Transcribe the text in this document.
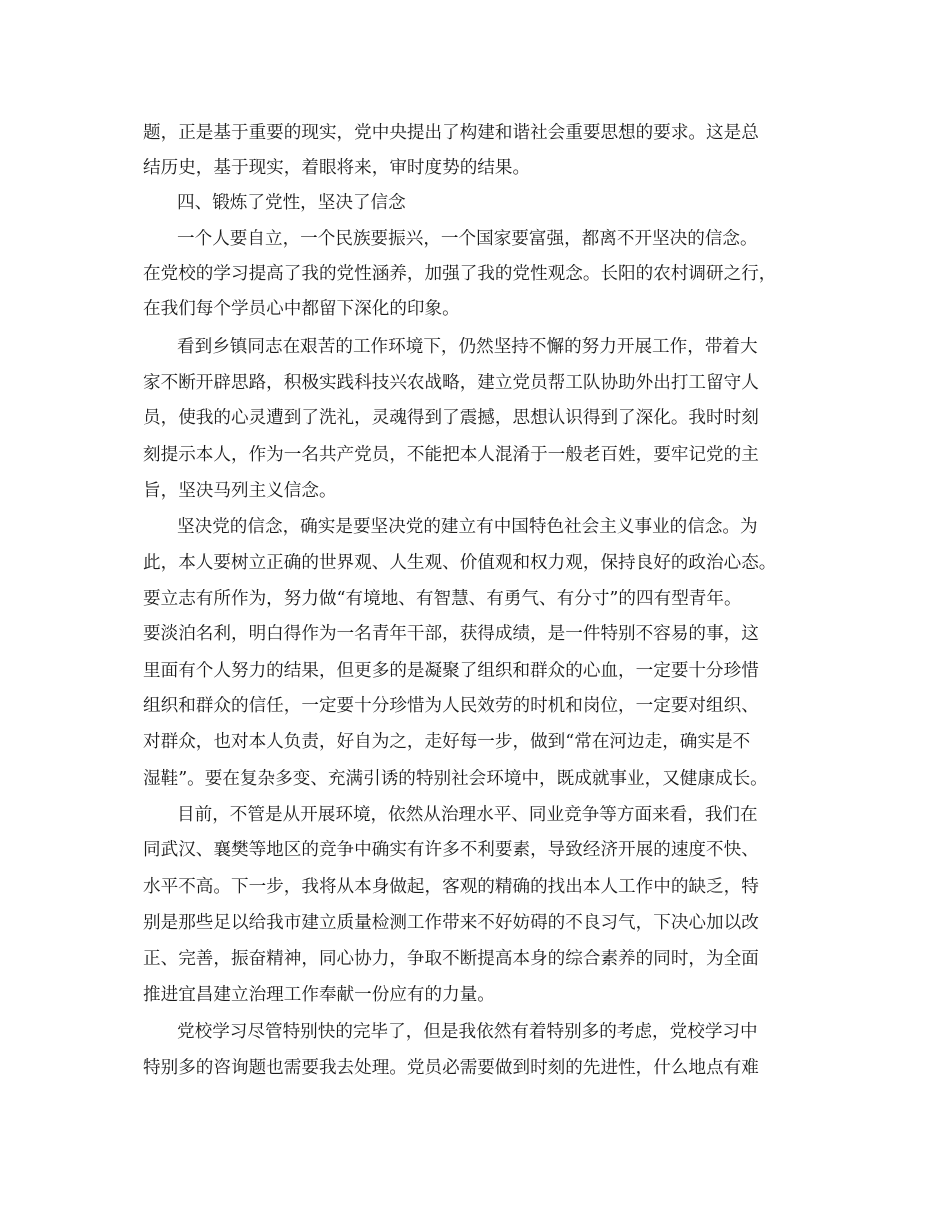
题，正是基于重要的现实，党中央提出了构建和谐社会重要思想的要求。这是总
结历史，基于现实，着眼将来，审时度势的结果。
四、锻炼了党性，坚决了信念
一个人要自立，一个民族要振兴，一个国家要富强，都离不开坚决的信念。
在党校的学习提高了我的党性涵养，加强了我的党性观念。长阳的农村调研之行，
在我们每个学员心中都留下深化的印象。
看到乡镇同志在艰苦的工作环境下，仍然坚持不懈的努力开展工作，带着大
家不断开辟思路，积极实践科技兴农战略，建立党员帮工队协助外出打工留守人
员，使我的心灵遭到了洗礼，灵魂得到了震撼，思想认识得到了深化。我时时刻
刻提示本人，作为一名共产党员，不能把本人混淆于一般老百姓，要牢记党的主
旨，坚决马列主义信念。
坚决党的信念，确实是要坚决党的建立有中国特色社会主义事业的信念。为
此，本人要树立正确的世界观、人生观、价值观和权力观，保持良好的政治心态。
要立志有所作为，努力做“有境地、有智慧、有勇气、有分寸”的四有型青年。
要淡泊名利，明白得作为一名青年干部，获得成绩，是一件特别不容易的事，这
里面有个人努力的结果，但更多的是凝聚了组织和群众的心血，一定要十分珍惜
组织和群众的信任，一定要十分珍惜为人民效劳的时机和岗位，一定要对组织、
对群众，也对本人负责，好自为之，走好每一步，做到“常在河边走，确实是不
湿鞋”。要在复杂多变、充满引诱的特别社会环境中，既成就事业，又健康成长。
目前，不管是从开展环境，依然从治理水平、同业竞争等方面来看，我们在
同武汉、襄樊等地区的竞争中确实有许多不利要素，导致经济开展的速度不快、
水平不高。下一步，我将从本身做起，客观的精确的找出本人工作中的缺乏，特
别是那些足以给我市建立质量检测工作带来不好妨碍的不良习气，下决心加以改
正、完善，振奋精神，同心协力，争取不断提高本身的综合素养的同时，为全面
推进宜昌建立治理工作奉献一份应有的力量。
党校学习尽管特别快的完毕了，但是我依然有着特别多的考虑，党校学习中
特别多的咨询题也需要我去处理。党员必需要做到时刻的先进性，什么地点有难
